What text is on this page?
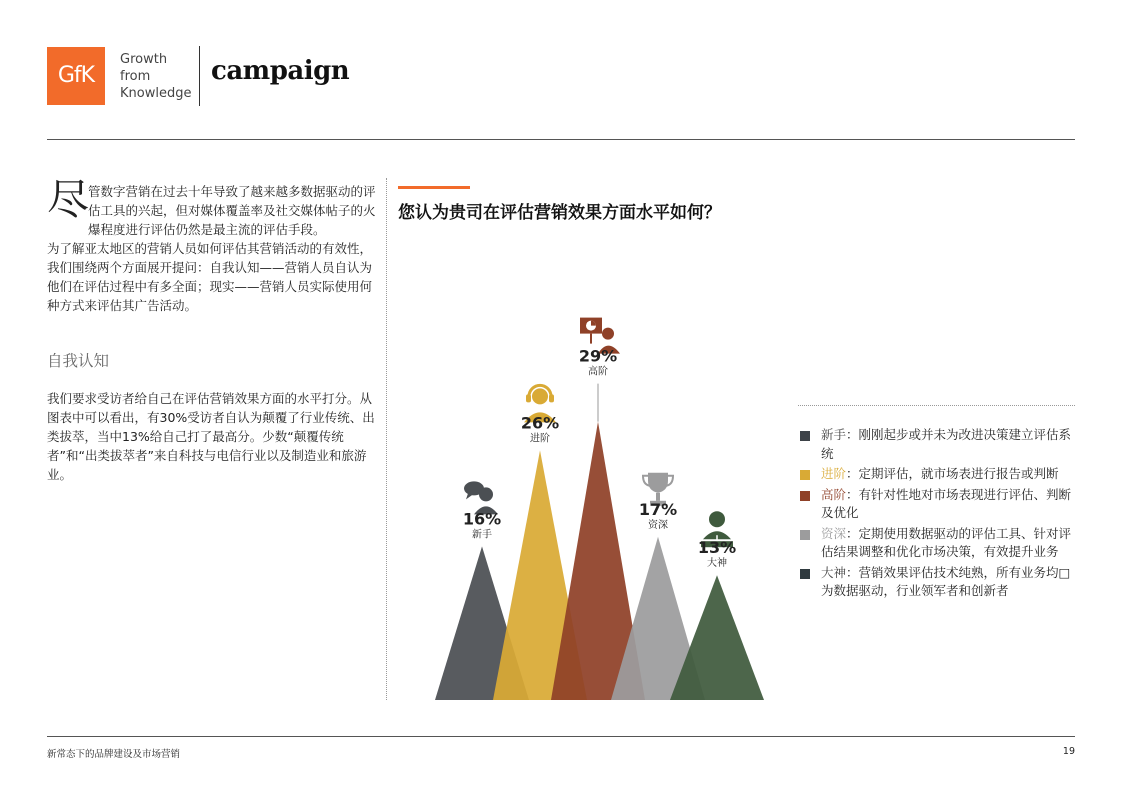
GfK
Growth
from
Knowledge
campaign
尽
管数字营销在过去十年导致了越来越多数据驱动的评估工具的兴起，但对媒体覆盖率及社交媒体帖子的火爆程度进行评估仍然是最主流的评估手段。
为了解亚太地区的营销人员如何评估其营销活动的有效性，我们围绕两个方面展开提问：自我认知——营销人员自认为他们在评估过程中有多全面；现实——营销人员实际使用何种方式来评估其广告活动。
自我认知
我们要求受访者给自己在评估营销效果方面的水平打分。从图表中可以看出，有30%受访者自认为颠覆了行业传统、出类拔萃，当中13%给自己打了最高分。少数“颠覆传统者”和“出类拔萃者”来自科技与电信行业以及制造业和旅游业。
您认为贵司在评估营销效果方面水平如何？
16%
新手
26%
进阶
29%
高阶
17%
资深
13%
大神
新手：刚刚起步或并未为改进决策建立评估系统
进阶：定期评估，就市场表进行报告或判断
高阶：有针对性地对市场表现进行评估、判断及优化
资深：定期使用数据驱动的评估工具、针对评估结果调整和优化市场决策，有效提升业务
大神：营销效果评估技术纯熟，所有业务均□为数据驱动，行业领军者和创新者
新常态下的品牌建设及市场营销	19
